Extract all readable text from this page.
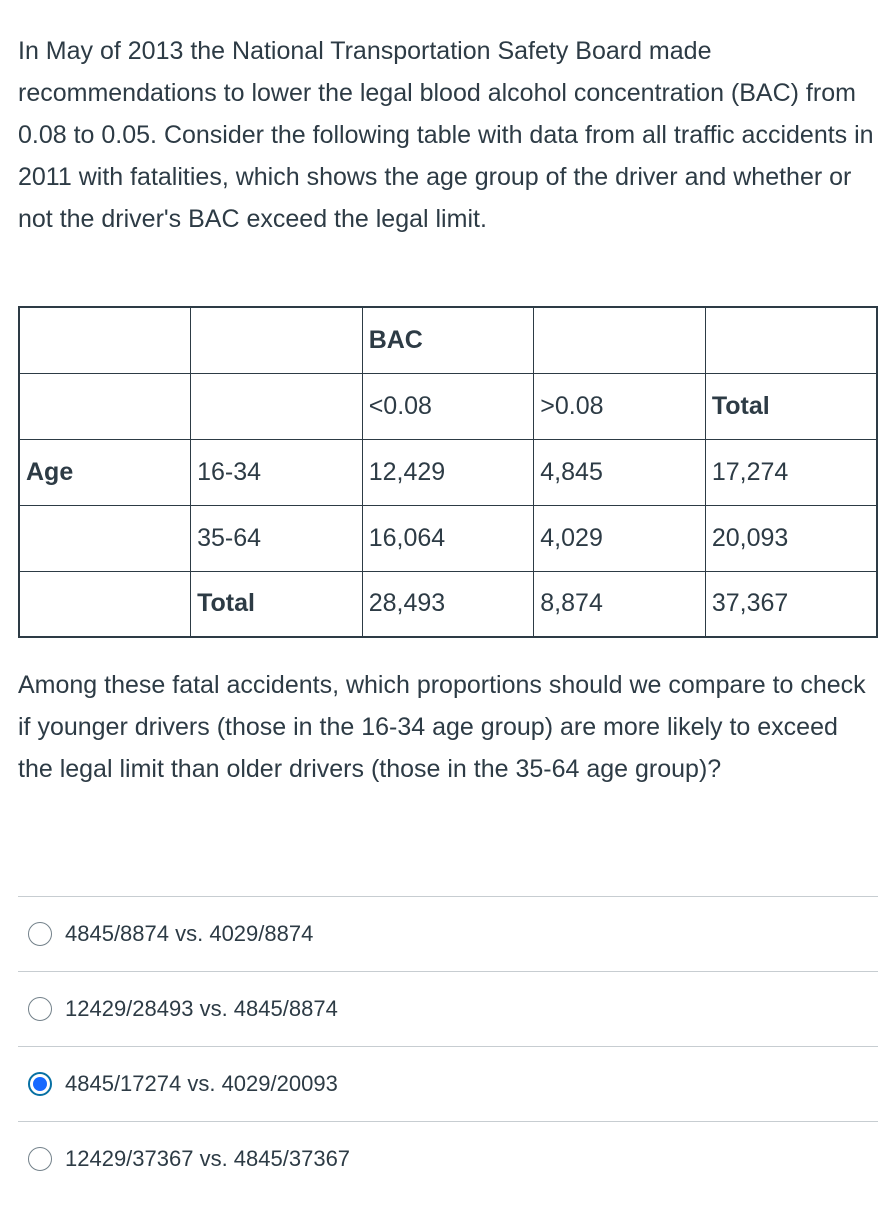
In May of 2013 the National Transportation Safety Board made recommendations to lower the legal blood alcohol concentration (BAC) from 0.08 to 0.05. Consider the following table with data from all traffic accidents in 2011 with fatalities, which shows the age group of the driver and whether or not the driver's BAC exceed the legal limit.

		BAC		
		<0.08	>0.08	Total
Age	16-34	12,429	4,845	17,274
	35-64	16,064	4,029	20,093
	Total	28,493	8,874	37,367

Among these fatal accidents, which proportions should we compare to check if younger drivers (those in the 16-34 age group) are more likely to exceed the legal limit than older drivers (those in the 35-64 age group)?

4845/8874 vs. 4029/8874
12429/28493 vs. 4845/8874
4845/17274 vs. 4029/20093
12429/37367 vs. 4845/37367
